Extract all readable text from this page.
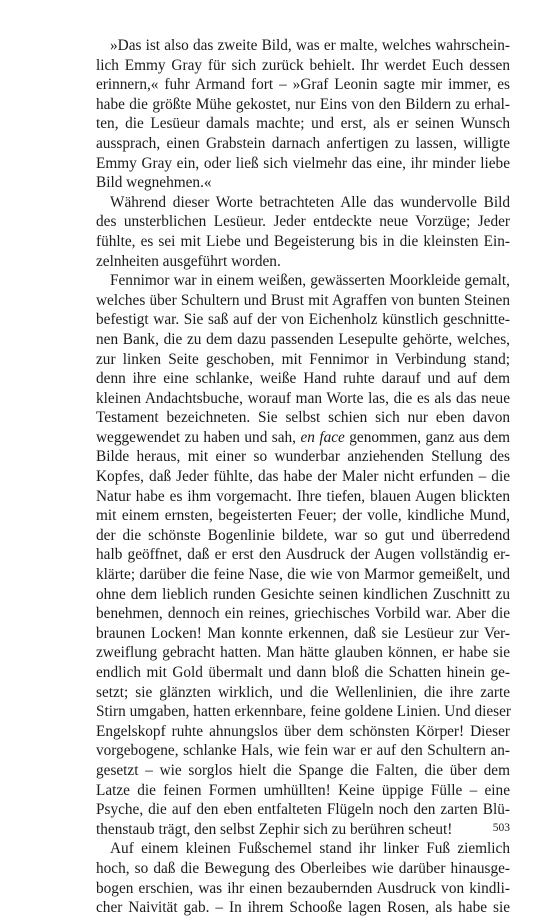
»Das ist also das zweite Bild, was er malte, welches wahrschein-
lich Emmy Gray für sich zurück behielt. Ihr werdet Euch dessen
erinnern,« fuhr Armand fort – »Graf Leonin sagte mir immer, es
habe die größte Mühe gekostet, nur Eins von den Bildern zu erhal-
ten, die Lesüeur damals machte; und erst, als er seinen Wunsch
aussprach, einen Grabstein darnach anfertigen zu lassen, willigte
Emmy Gray ein, oder ließ sich vielmehr das eine, ihr minder liebe
Bild wegnehmen.«
Während dieser Worte betrachteten Alle das wundervolle Bild
des unsterblichen Lesüeur. Jeder entdeckte neue Vorzüge; Jeder
fühlte, es sei mit Liebe und Begeisterung bis in die kleinsten Ein-
zelnheiten ausgeführt worden.
Fennimor war in einem weißen, gewässerten Moorkleide gemalt,
welches über Schultern und Brust mit Agraffen von bunten Steinen
befestigt war. Sie saß auf der von Eichenholz künstlich geschnitte-
nen Bank, die zu dem dazu passenden Lesepulte gehörte, welches,
zur linken Seite geschoben, mit Fennimor in Verbindung stand;
denn ihre eine schlanke, weiße Hand ruhte darauf und auf dem
kleinen Andachtsbuche, worauf man Worte las, die es als das neue
Testament bezeichneten. Sie selbst schien sich nur eben davon
weggewendet zu haben und sah, en face genommen, ganz aus dem
Bilde heraus, mit einer so wunderbar anziehenden Stellung des
Kopfes, daß Jeder fühlte, das habe der Maler nicht erfunden – die
Natur habe es ihm vorgemacht. Ihre tiefen, blauen Augen blickten
mit einem ernsten, begeisterten Feuer; der volle, kindliche Mund,
der die schönste Bogenlinie bildete, war so gut und überredend
halb geöffnet, daß er erst den Ausdruck der Augen vollständig er-
klärte; darüber die feine Nase, die wie von Marmor gemeißelt, und
ohne dem lieblich runden Gesichte seinen kindlichen Zuschnitt zu
benehmen, dennoch ein reines, griechisches Vorbild war. Aber die
braunen Locken! Man konnte erkennen, daß sie Lesüeur zur Ver-
zweiflung gebracht hatten. Man hätte glauben können, er habe sie
endlich mit Gold übermalt und dann bloß die Schatten hinein ge-
setzt; sie glänzten wirklich, und die Wellenlinien, die ihre zarte
Stirn umgaben, hatten erkennbare, feine goldene Linien. Und dieser
Engelskopf ruhte ahnungslos über dem schönsten Körper! Dieser
vorgebogene, schlanke Hals, wie fein war er auf den Schultern an-
gesetzt – wie sorglos hielt die Spange die Falten, die über dem
Latze die feinen Formen umhüllten! Keine üppige Fülle – eine
Psyche, die auf den eben entfalteten Flügeln noch den zarten Blü-
thenstaub trägt, den selbst Zephir sich zu berühren scheut!
Auf einem kleinen Fußschemel stand ihr linker Fuß ziemlich
hoch, so daß die Bewegung des Oberleibes wie darüber hinausge-
bogen erschien, was ihr einen bezaubernden Ausdruck von kindli-
cher Naivität gab. – In ihrem Schooße lagen Rosen, als habe sie
503
